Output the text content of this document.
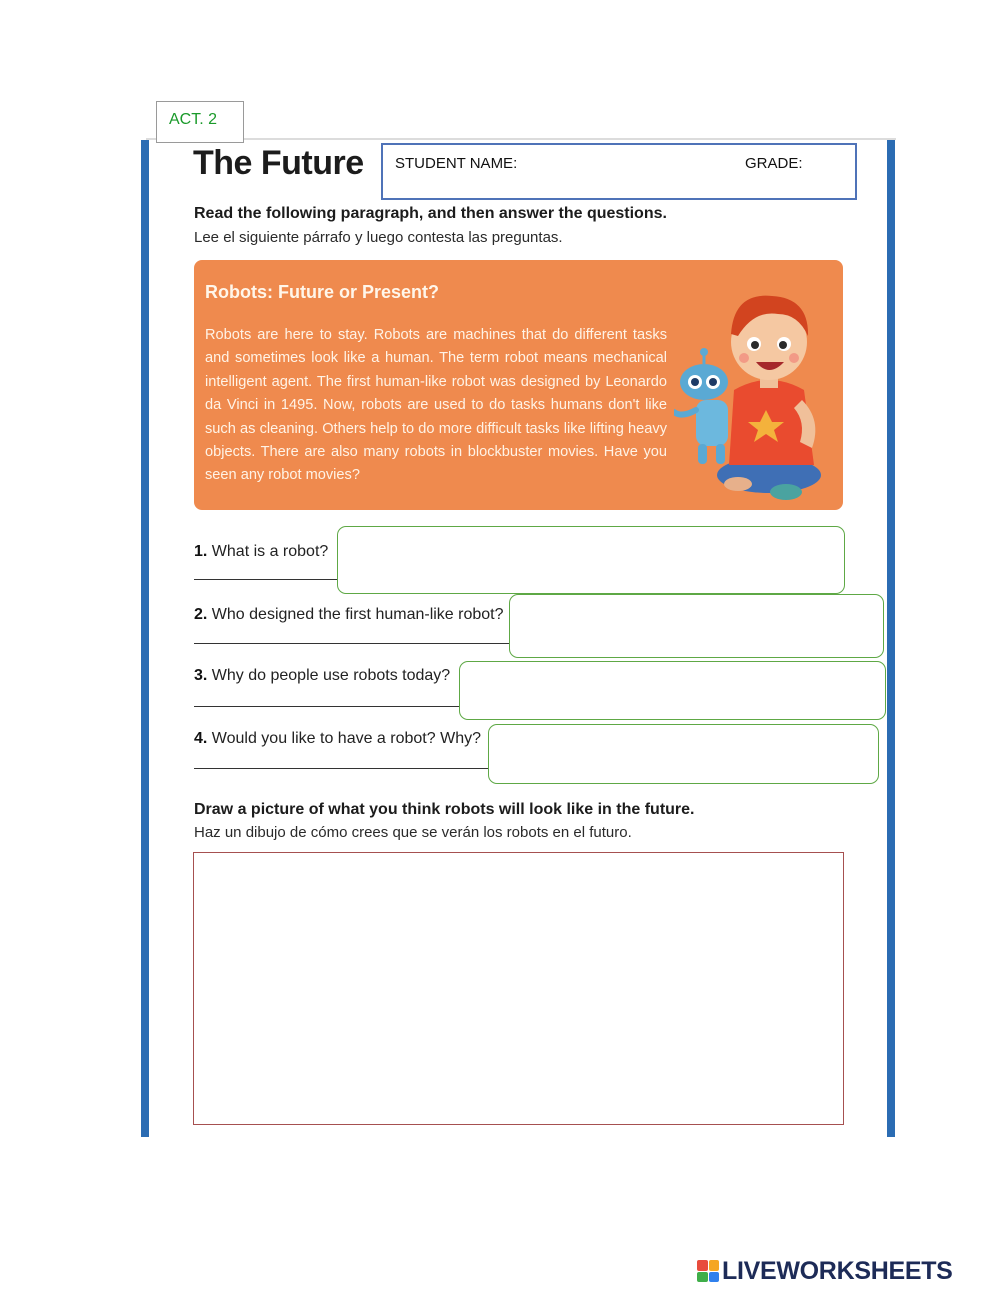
ACT. 2
The Future STUDENT NAME:	GRADE:
Read the following paragraph, and then answer the questions.
Lee el siguiente párrafo y luego contesta las preguntas.
Robots: Future or Present?
Robots are here to stay. Robots are machines that do different tasks and sometimes look like a human. The term robot means mechanical intelligent agent. The first human-like robot was designed by Leonardo da Vinci in 1495. Now, robots are used to do tasks humans don't like such as cleaning. Others help to do more difficult tasks like lifting heavy objects. There are also many robots in blockbuster movies. Have you seen any robot movies?
1. What is a robot?
2. Who designed the first human-like robot?
3. Why do people use robots today?
4. Would you like to have a robot? Why?
Draw a picture of what you think robots will look like in the future.
Haz un dibujo de cómo crees que se verán los robots en el futuro.
LIVEWORKSHEETS
